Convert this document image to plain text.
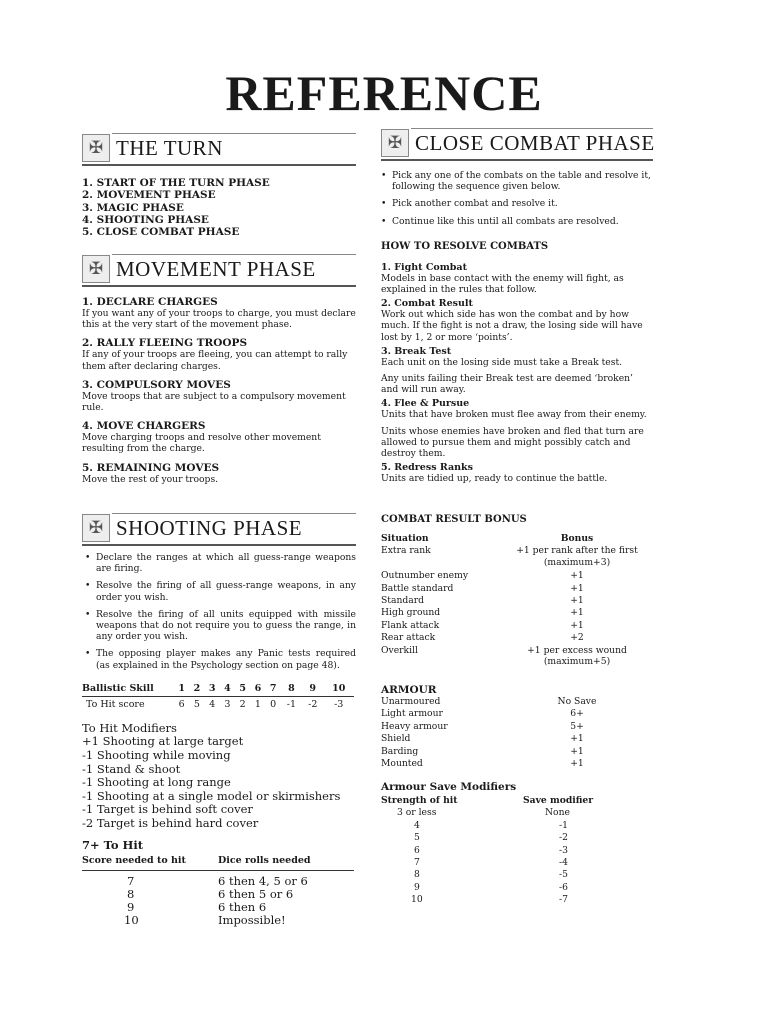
REFERENCE
✠ THE TURN
1. START OF THE TURN PHASE
2. MOVEMENT PHASE
3. MAGIC PHASE
4. SHOOTING PHASE
5. CLOSE COMBAT PHASE
✠ MOVEMENT PHASE

1. DECLARE CHARGES

If you want any of your troops to charge, you must declare this at the very start of the movement phase.

2. RALLY FLEEING TROOPS

If any of your troops are fleeing, you can attempt to rally them after declaring charges.

3. COMPULSORY MOVES

Move troops that are subject to a compulsory movement rule.

4. MOVE CHARGERS

Move charging troops and resolve other movement resulting from the charge.

5. REMAINING MOVES

Move the rest of your troops.

✠ SHOOTING PHASE
• Declare the ranges at which all guess-range weapons are firing.
• Resolve the firing of all guess-range weapons, in any order you wish.
• Resolve the firing of all units equipped with missile weapons that do not require you to guess the range, in any order you wish.
• The opposing player makes any Panic tests required (as explained in the Psychology section on page 48).
Ballistic Skill	1	2	3	4	5	6	7	8	9	10
To Hit score	6	5	4	3	2	1	0	-1	-2	-3

To Hit Modifiers

+1 Shooting at large target

-1 Shooting while moving

-1 Stand & shoot

-1 Shooting at long range

-1 Shooting at a single model or skirmishers

-1 Target is behind soft cover

-2 Target is behind hard cover

7+ To Hit

Score needed to hit	Dice rolls needed

7	6 then 4, 5 or 6
8	6 then 5 or 6
9	6 then 6
10	Impossible!
✠ CLOSE COMBAT PHASE
• Pick any one of the combats on the table and resolve it, following the sequence given below.
• Pick another combat and resolve it.
• Continue like this until all combats are resolved.

HOW TO RESOLVE COMBATS

1. Fight Combat

Models in base contact with the enemy will fight, as explained in the rules that follow.

2. Combat Result

Work out which side has won the combat and by how much. If the fight is not a draw, the losing side will have lost by 1, 2 or more ‘points’.

3. Break Test

Each unit on the losing side must take a Break test.

Any units failing their Break test are deemed ‘broken’ and will run away.

4. Flee & Pursue

Units that have broken must flee away from their enemy.

Units whose enemies have broken and fled that turn are allowed to pursue them and might possibly catch and destroy them.

5. Redress Ranks

Units are tidied up, ready to continue the battle.

COMBAT RESULT BONUS

Situation	Bonus
Extra rank	+1 per rank after the first (maximum+3)
Outnumber enemy	+1
Battle standard	+1
Standard	+1
High ground	+1
Flank attack	+1
Rear attack	+2
Overkill	+1 per excess wound (maximum+5)

ARMOUR

Unarmoured	No Save
Light armour	6+
Heavy armour	5+
Shield	+1
Barding	+1
Mounted	+1

Armour Save Modifiers

Strength of hit	Save modifier
3 or less	None
4	-1
5	-2
6	-3
7	-4
8	-5
9	-6
10	-7
